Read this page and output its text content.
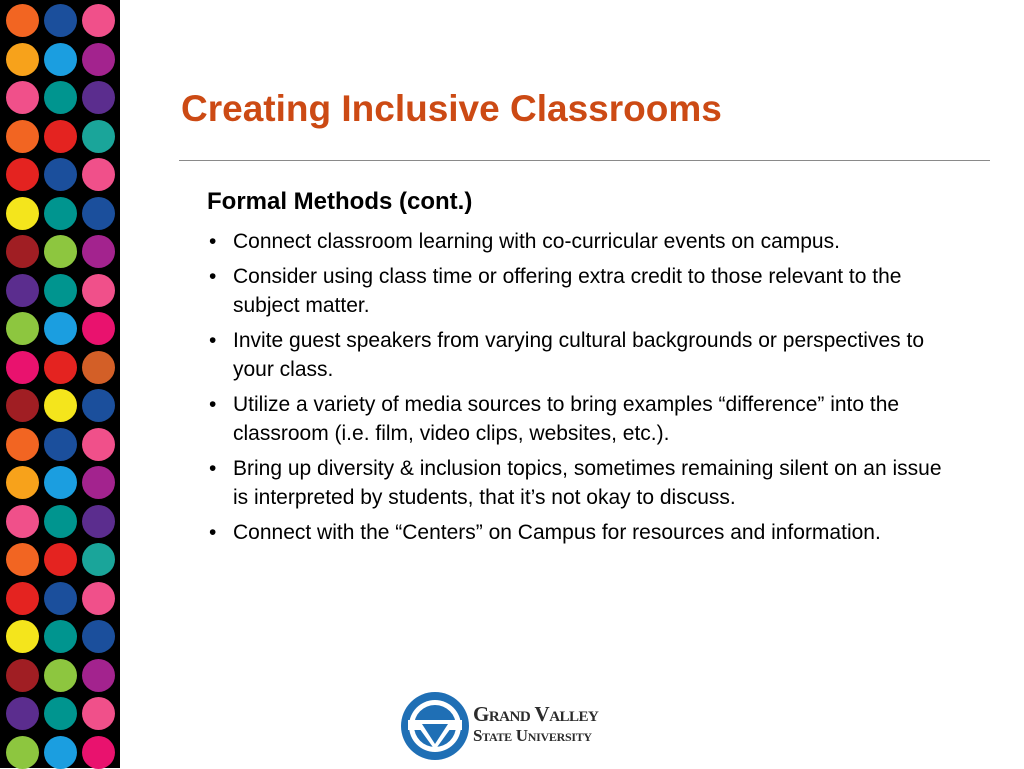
Creating Inclusive Classrooms
Formal Methods (cont.)
• Connect classroom learning with co-curricular events on campus.
• Consider using class time or offering extra credit to those relevant to the subject matter.
• Invite guest speakers from varying cultural backgrounds or perspectives to your class.
• Utilize a variety of media sources to bring examples “difference” into the classroom (i.e. film, video clips, websites, etc.).
• Bring up diversity & inclusion topics, sometimes remaining silent on an issue is interpreted by students, that it’s not okay to discuss.
• Connect with the “Centers” on Campus for resources and information.
Grand Valley
State University
